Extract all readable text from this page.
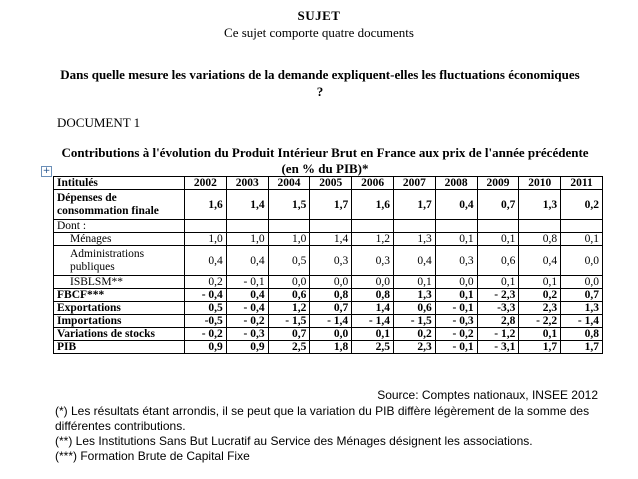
SUJET
Ce sujet comporte quatre documents
Dans quelle mesure les variations de la demande expliquent-elles les fluctuations économiques ?
DOCUMENT 1
Contributions à l'évolution du Produit Intérieur Brut en France aux prix de l'année précédente (en % du PIB)*
+
Intitulés	2002	2003	2004	2005	2006	2007	2008	2009	2010	2011
Dépenses de consommation finale	1,6	1,4	1,5	1,7	1,6	1,7	0,4	0,7	1,3	0,2
Dont :										
Ménages	1,0	1,0	1,0	1,4	1,2	1,3	0,1	0,1	0,8	0,1
Administrations publiques	0,4	0,4	0,5	0,3	0,3	0,4	0,3	0,6	0,4	0,0
ISBLSM**	0,2	- 0,1	0,0	0,0	0,0	0,1	0,0	0,1	0,1	0,0
FBCF***	- 0,4	0,4	0,6	0,8	0,8	1,3	0,1	- 2,3	0,2	0,7
Exportations	0,5	- 0,4	1,2	0,7	1,4	0,6	- 0,1	-3,3	2,3	1,3
Importations	-0,5	- 0,2	- 1,5	- 1,4	- 1,4	- 1,5	- 0,3	2,8	- 2,2	- 1,4
Variations de stocks	- 0,2	- 0,3	0,7	0,0	0,1	0,2	- 0,2	- 1,2	0,1	0,8
PIB	0,9	0,9	2,5	1,8	2,5	2,3	- 0,1	- 3,1	1,7	1,7
Source: Comptes nationaux, INSEE 2012

(*) Les résultats étant arrondis, il se peut que la variation du PIB diffère légèrement de la somme des différentes contributions.

(**) Les Institutions Sans But Lucratif au Service des Ménages désignent les associations.

(***) Formation Brute de Capital Fixe
